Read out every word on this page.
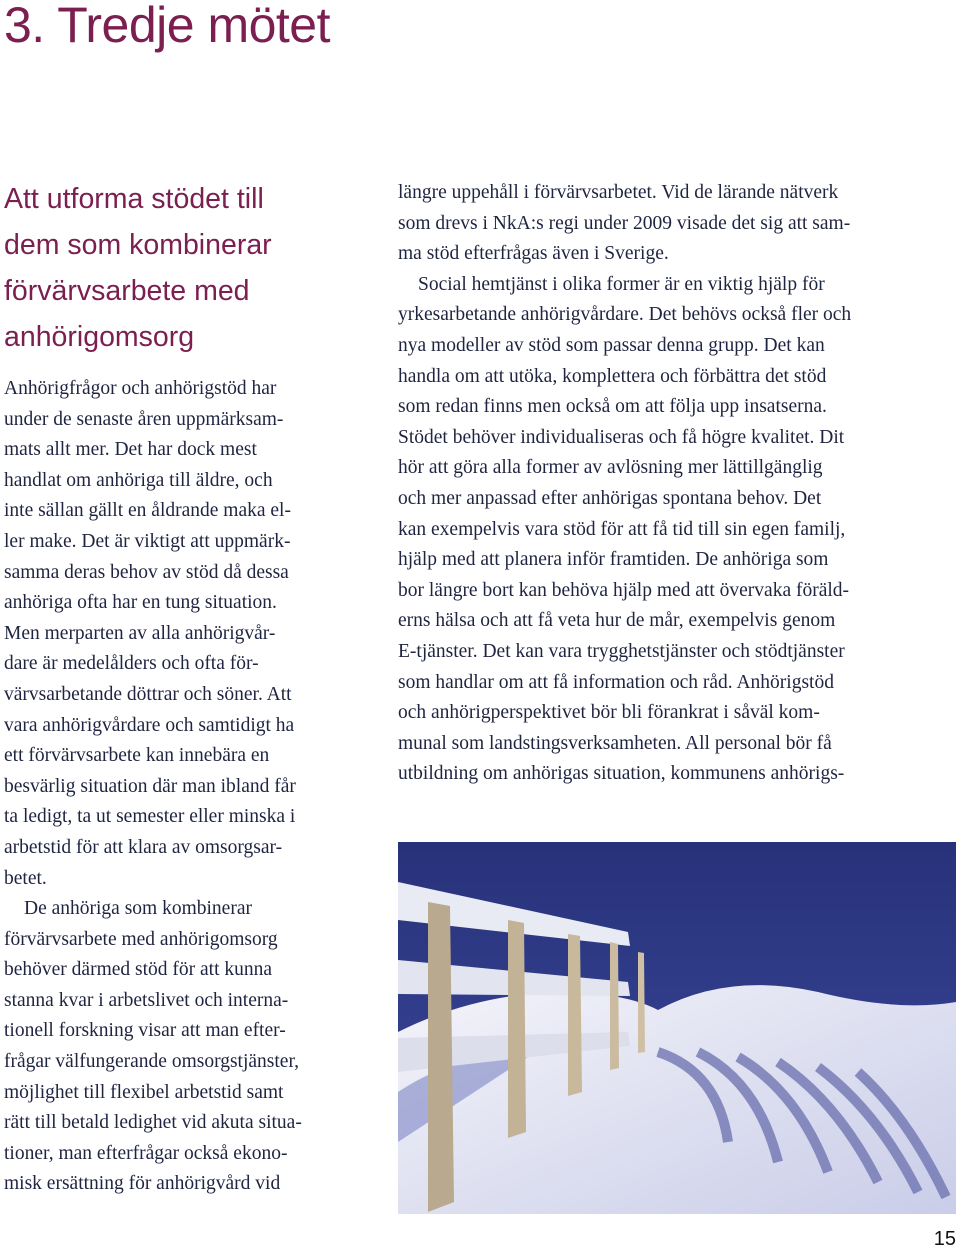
3. Tredje mötet
Att utforma stödet till
dem som kombinerar
förvärvsarbete med
anhörigomsorg

Anhörigfrågor och anhörigstöd har
under de senaste åren uppmärksam-
mats allt mer. Det har dock mest
handlat om anhöriga till äldre, och
inte sällan gällt en åldrande maka el-
ler make. Det är viktigt att uppmärk-
samma deras behov av stöd då dessa
anhöriga ofta har en tung situation.
Men merparten av alla anhörigvår-
dare är medelålders och ofta för-
värvsarbetande döttrar och söner. Att
vara anhörigvårdare och samtidigt ha
ett förvärvsarbete kan innebära en
besvärlig situation där man ibland får
ta ledigt, ta ut semester eller minska i
arbetstid för att klara av omsorgsar-
betet.

De anhöriga som kombinerar
förvärvsarbete med anhörigomsorg
behöver därmed stöd för att kunna
stanna kvar i arbetslivet och interna-
tionell forskning visar att man efter-
frågar välfungerande omsorgstjänster,
möjlighet till flexibel arbetstid samt
rätt till betald ledighet vid akuta situa-
tioner, man efterfrågar också ekono-
misk ersättning för anhörigvård vid

längre uppehåll i förvärvsarbetet. Vid de lärande nätverk
som drevs i NkA:s regi under 2009 visade det sig att sam-
ma stöd efterfrågas även i Sverige.

Social hemtjänst i olika former är en viktig hjälp för
yrkesarbetande anhörigvårdare. Det behövs också fler och
nya modeller av stöd som passar denna grupp. Det kan
handla om att utöka, komplettera och förbättra det stöd
som redan finns men också om att följa upp insatserna.
Stödet behöver individualiseras och få högre kvalitet. Dit
hör att göra alla former av avlösning mer lättillgänglig
och mer anpassad efter anhörigas spontana behov. Det
kan exempelvis vara stöd för att få tid till sin egen familj,
hjälp med att planera inför framtiden. De anhöriga som
bor längre bort kan behöva hjälp med att övervaka föräld-
erns hälsa och att få veta hur de mår, exempelvis genom
E-tjänster. Det kan vara trygghetstjänster och stödtjänster
som handlar om att få information och råd. Anhörigstöd
och anhörigperspektivet bör bli förankrat i såväl kom-
munal som landstingsverksamheten. All personal bör få
utbildning om anhörigas situation, kommunens anhörigs-

15
